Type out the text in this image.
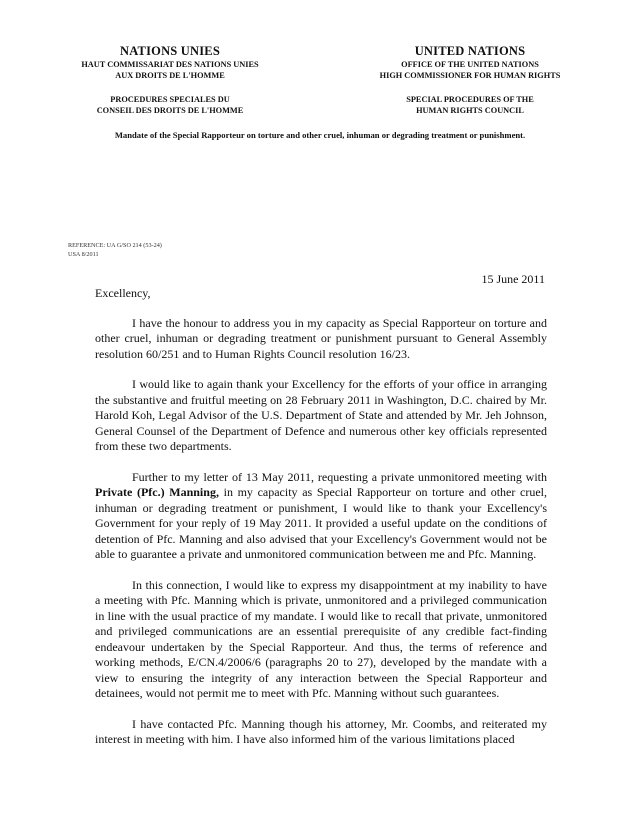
NATIONS UNIES
HAUT COMMISSARIAT DES NATIONS UNIES
AUX DROITS DE L'HOMME
PROCEDURES SPECIALES DU
CONSEIL DES DROITS DE L'HOMME
UNITED NATIONS
OFFICE OF THE UNITED NATIONS
HIGH COMMISSIONER FOR HUMAN RIGHTS
SPECIAL PROCEDURES OF THE
HUMAN RIGHTS COUNCIL
Mandate of the Special Rapporteur on torture and other cruel, inhuman or degrading treatment or punishment.
REFERENCE: UA G/SO 214 (53-24)
USA 8/2011
15 June 2011

Excellency,

I have the honour to address you in my capacity as Special Rapporteur on torture and other cruel, inhuman or degrading treatment or punishment pursuant to General Assembly resolution 60/251 and to Human Rights Council resolution 16/23.

I would like to again thank your Excellency for the efforts of your office in arranging the substantive and fruitful meeting on 28 February 2011 in Washington, D.C. chaired by Mr. Harold Koh, Legal Advisor of the U.S. Department of State and attended by Mr. Jeh Johnson, General Counsel of the Department of Defence and numerous other key officials represented from these two departments.

Further to my letter of 13 May 2011, requesting a private unmonitored meeting with Private (Pfc.) Manning, in my capacity as Special Rapporteur on torture and other cruel, inhuman or degrading treatment or punishment, I would like to thank your Excellency's Government for your reply of 19 May 2011. It provided a useful update on the conditions of detention of Pfc. Manning and also advised that your Excellency's Government would not be able to guarantee a private and unmonitored communication between me and Pfc. Manning.

In this connection, I would like to express my disappointment at my inability to have a meeting with Pfc. Manning which is private, unmonitored and a privileged communication in line with the usual practice of my mandate. I would like to recall that private, unmonitored and privileged communications are an essential prerequisite of any credible fact-finding endeavour undertaken by the Special Rapporteur. And thus, the terms of reference and working methods, E/CN.4/2006/6 (paragraphs 20 to 27), developed by the mandate with a view to ensuring the integrity of any interaction between the Special Rapporteur and detainees, would not permit me to meet with Pfc. Manning without such guarantees.

I have contacted Pfc. Manning though his attorney, Mr. Coombs, and reiterated my interest in meeting with him. I have also informed him of the various limitations placed
